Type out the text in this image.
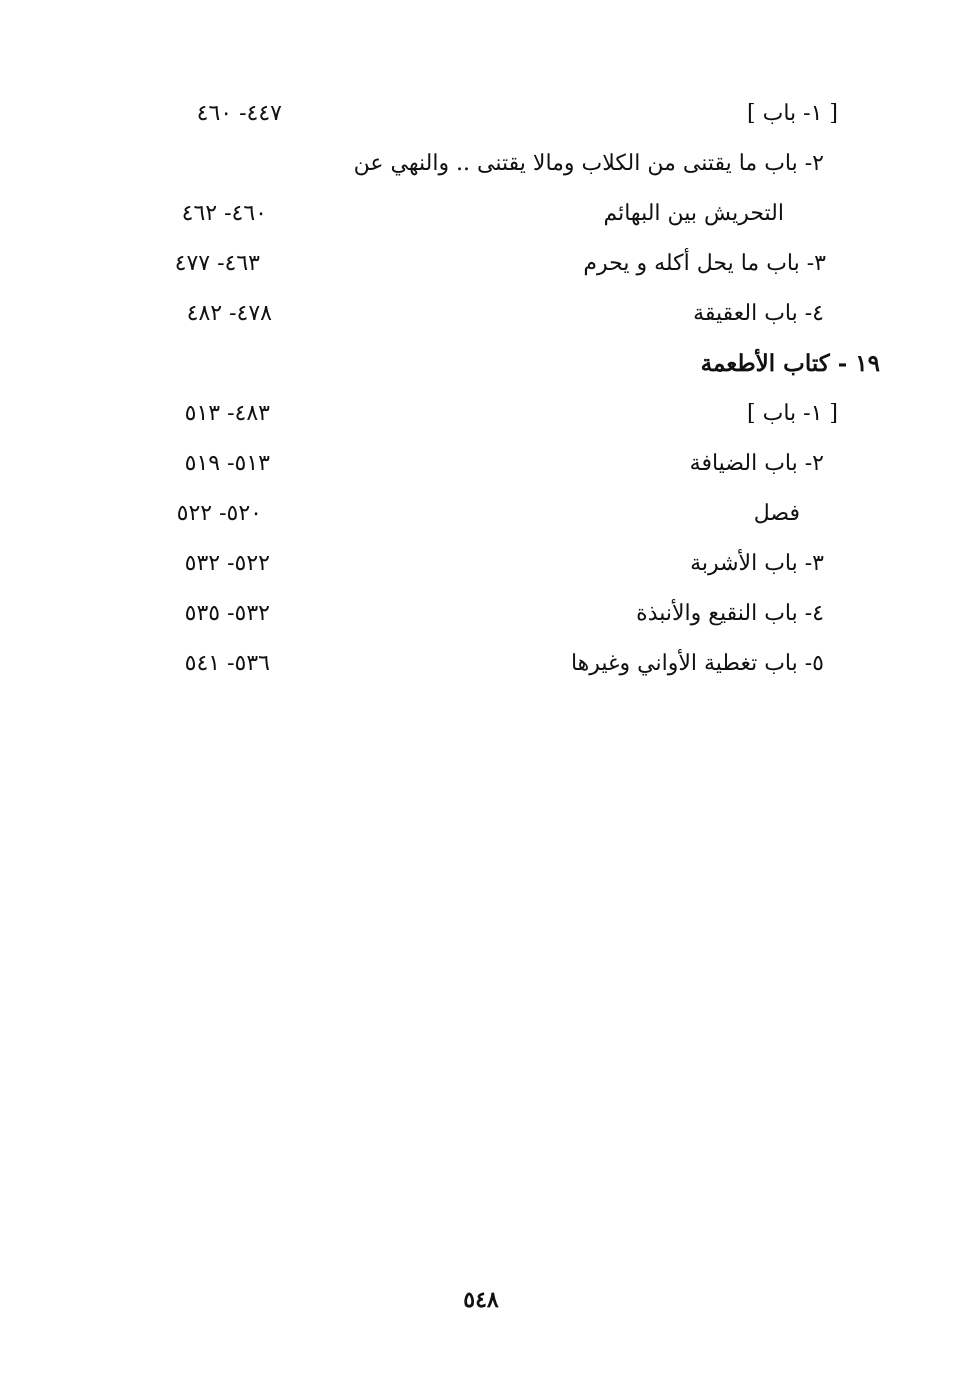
[ ١- باب ]
٤٤٧- ٤٦٠
٢- باب ما يقتنى من الكلاب ومالا يقتنى .. والنهي عن
التحريش بين البهائم
٤٦٠- ٤٦٢
٣- باب ما يحل أكله و يحرم
٤٦٣- ٤٧٧
٤- باب العقيقة
٤٧٨- ٤٨٢
١٩ - كتاب الأطعمة
[ ١- باب ]
٤٨٣- ٥١٣
٢- باب الضيافة
٥١٣- ٥١٩
فصل
٥٢٠- ٥٢٢
٣- باب الأشربة
٥٢٢- ٥٣٢
٤- باب النقيع والأنبذة
٥٣٢- ٥٣٥
٥- باب تغطية الأواني وغيرها
٥٣٦- ٥٤١
٥٤٨
